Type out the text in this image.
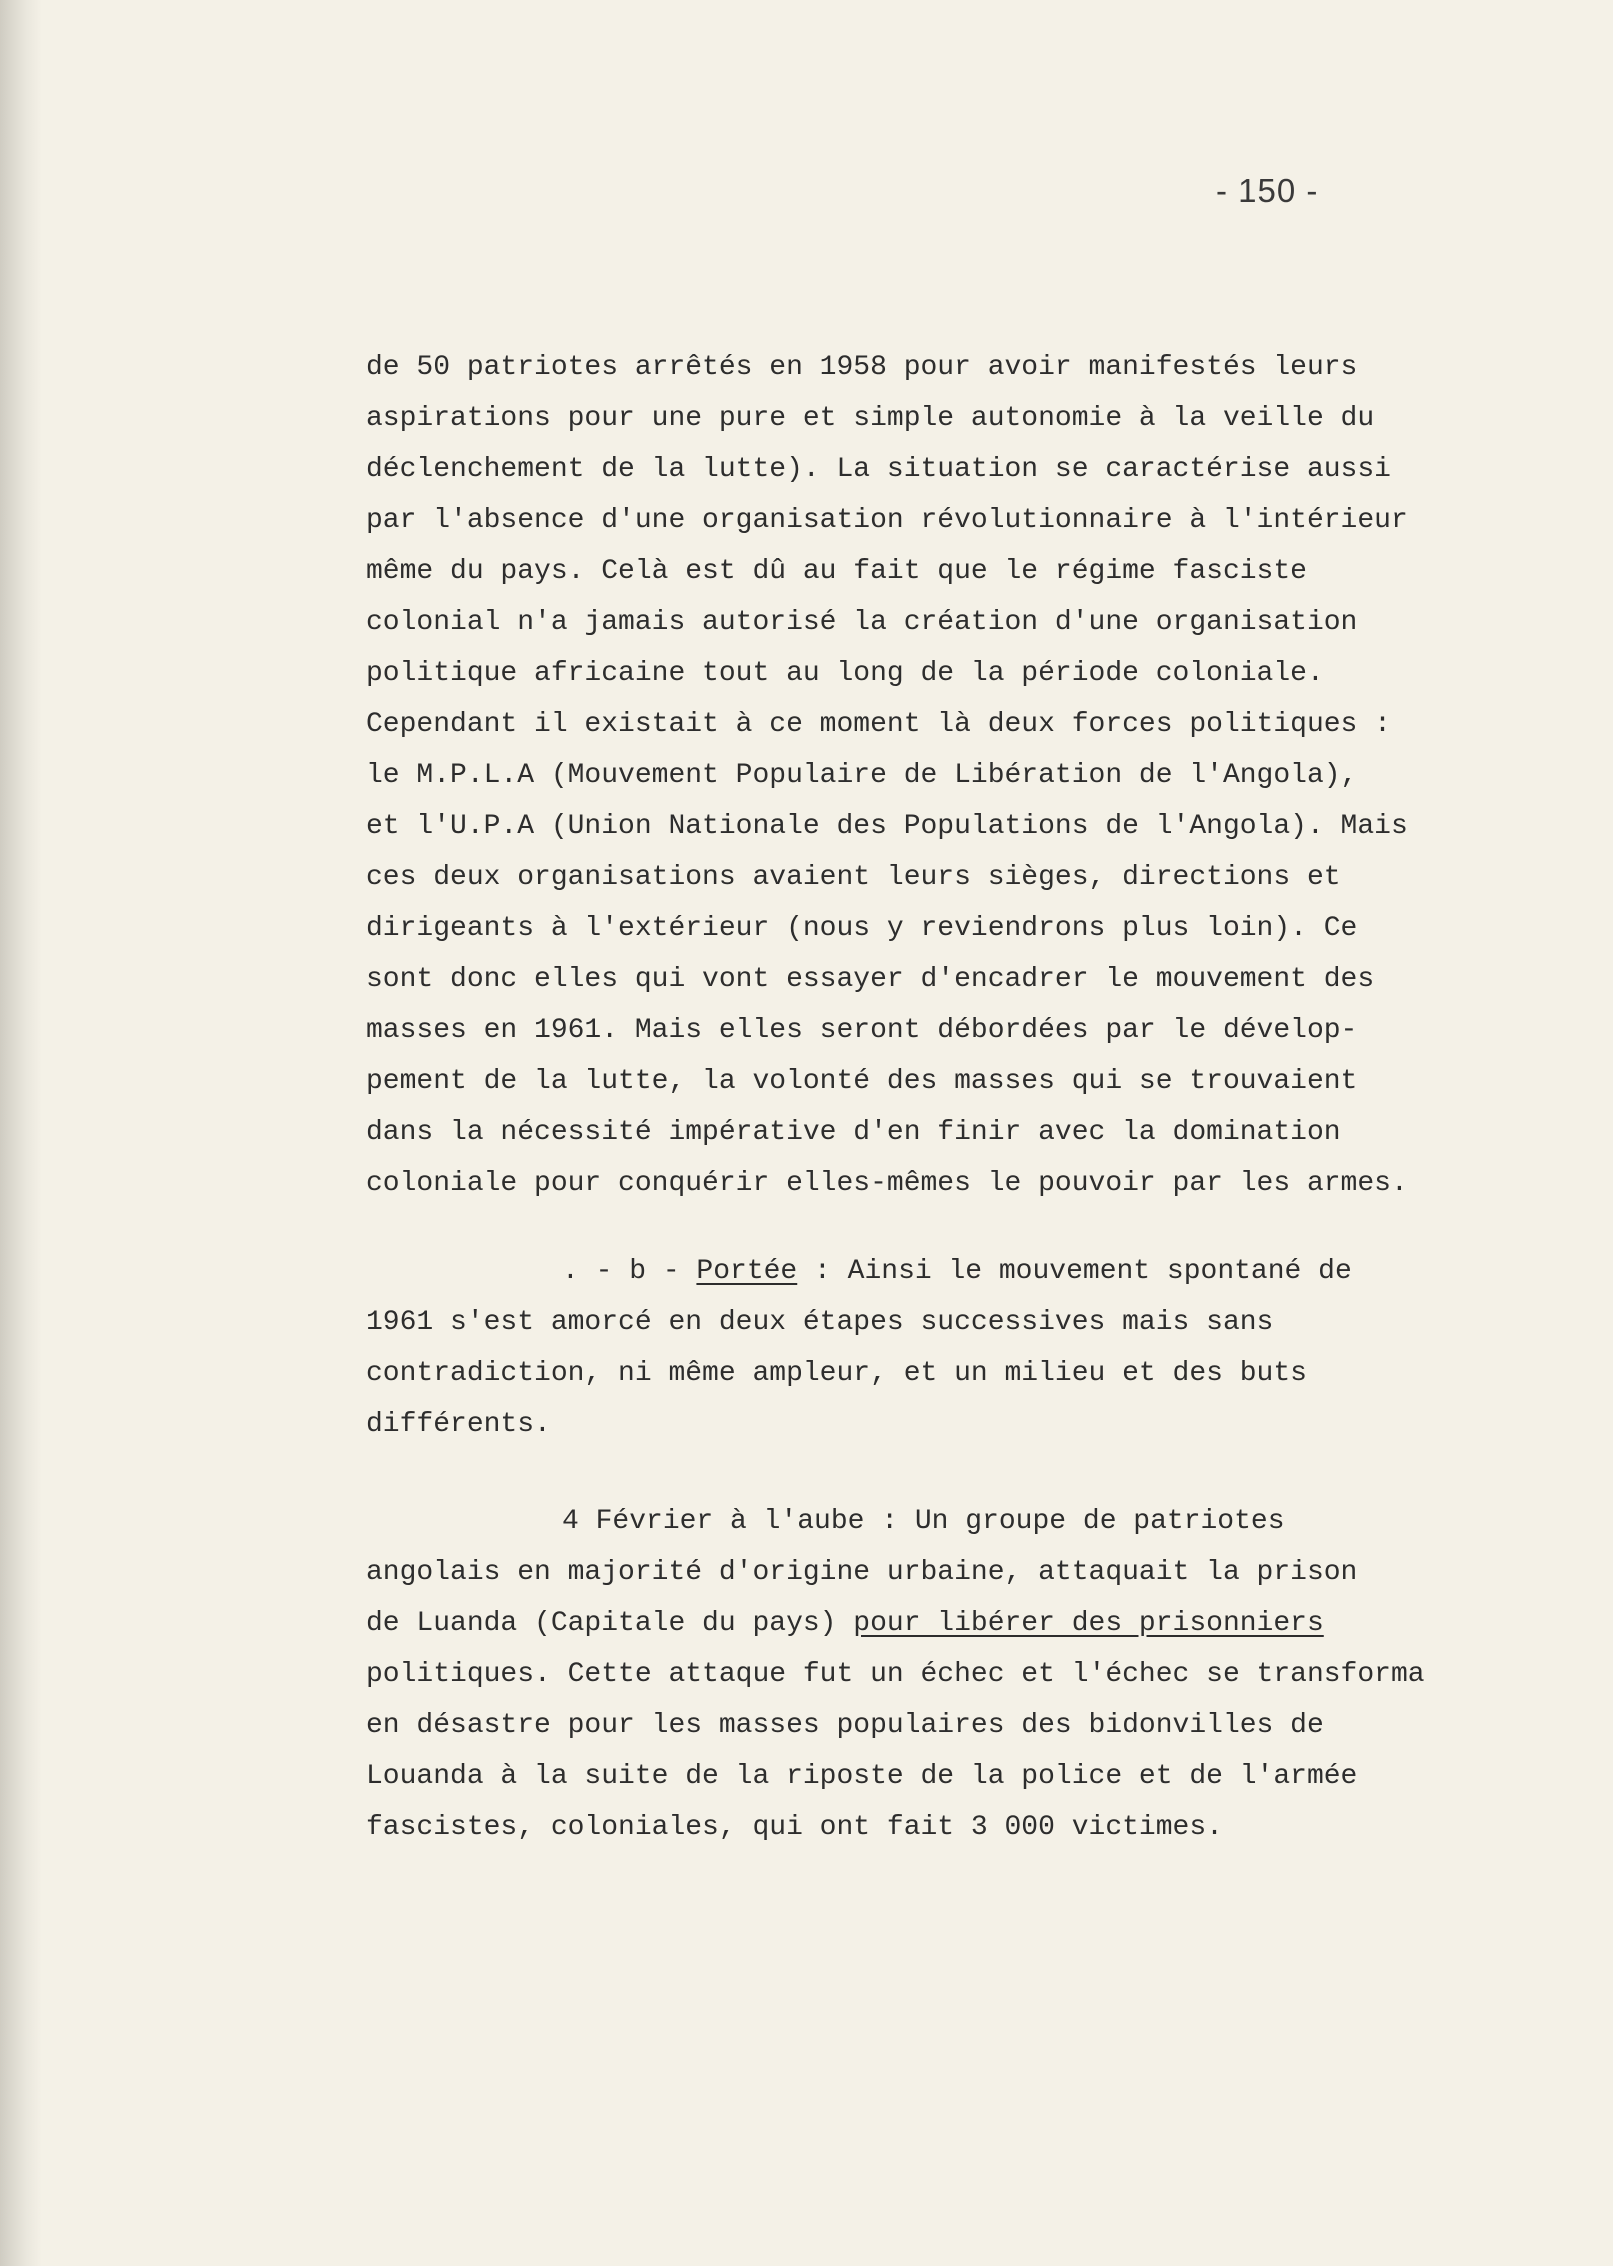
- 150 -
de 50 patriotes arrêtés en 1958 pour avoir manifestés leurs
aspirations pour une pure et simple autonomie à la veille du
déclenchement de la lutte). La situation se caractérise aussi
par l'absence d'une organisation révolutionnaire à l'intérieur
même du pays. Celà est dû au fait que le régime fasciste
colonial n'a jamais autorisé la création d'une organisation
politique africaine tout au long de la période coloniale.
Cependant il existait à ce moment là deux forces politiques :
le M.P.L.A (Mouvement Populaire de Libération de l'Angola),
et l'U.P.A (Union Nationale des Populations de l'Angola). Mais
ces deux organisations avaient leurs sièges, directions et
dirigeants à l'extérieur (nous y reviendrons plus loin). Ce
sont donc elles qui vont essayer d'encadrer le mouvement des
masses en 1961. Mais elles seront débordées par le dévelop-
pement de la lutte, la volonté des masses qui se trouvaient
dans la nécessité impérative d'en finir avec la domination
coloniale pour conquérir elles-mêmes le pouvoir par les armes.
. - b - Portée : Ainsi le mouvement spontané de
1961 s'est amorcé en deux étapes successives mais sans
contradiction, ni même ampleur, et un milieu et des buts
différents.
4 Février à l'aube : Un groupe de patriotes
angolais en majorité d'origine urbaine, attaquait la prison
de Luanda (Capitale du pays) pour libérer des prisonniers
politiques. Cette attaque fut un échec et l'échec se transforma
en désastre pour les masses populaires des bidonvilles de
Louanda à la suite de la riposte de la police et de l'armée
fascistes, coloniales, qui ont fait 3 000 victimes.
